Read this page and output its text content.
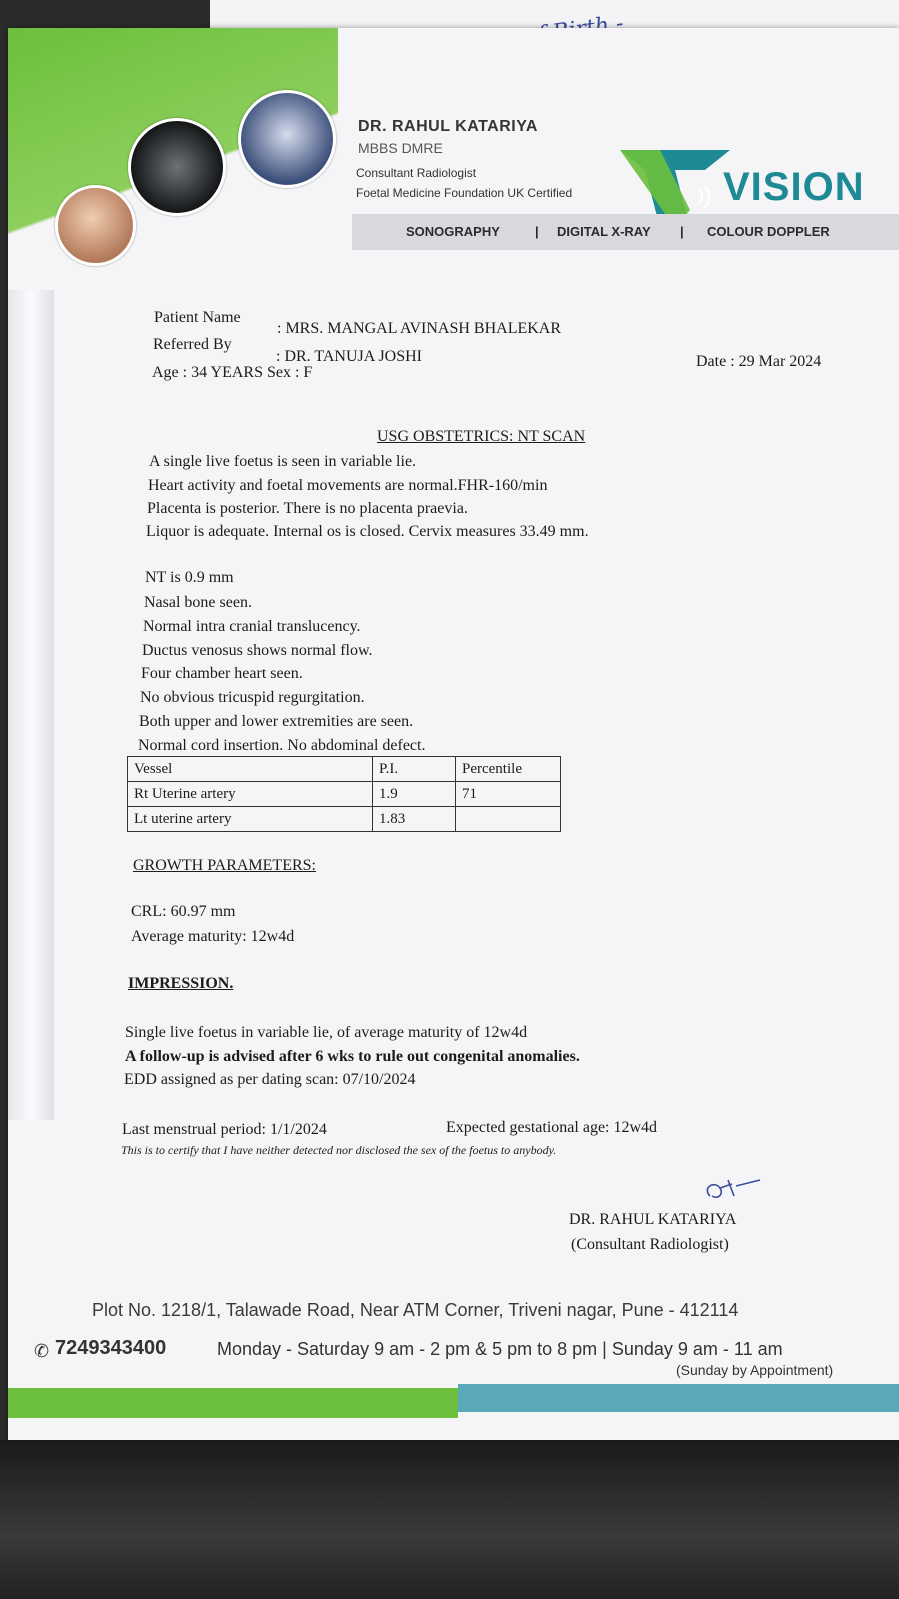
DR. RAHUL KATARIYA
MBBS DMRE
Consultant Radiologist
Foetal Medicine Foundation UK Certified	VISION
SONOGRAPHY	| DIGITAL X-RAY | COLOUR DOPPLER
Patient Name
: MRS. MANGAL AVINASH BHALEKAR
Referred By
: DR. TANUJA JOSHI
Age : 34 YEARS Sex : F
Date : 29 Mar 2024
USG OBSTETRICS: NT SCAN
A single live foetus is seen in variable lie.
Heart activity and foetal movements are normal.FHR-160/min
Placenta is posterior. There is no placenta praevia.
Liquor is adequate. Internal os is closed. Cervix measures 33.49 mm.
NT is 0.9 mm
Nasal bone seen.
Normal intra cranial translucency.
Ductus venosus shows normal flow.
Four chamber heart seen.
No obvious tricuspid regurgitation.
Both upper and lower extremities are seen.
Normal cord insertion. No abdominal defect.
Vessel	P.I.	Percentile
Rt Uterine artery	1.9	71
Lt uterine artery	1.83	
GROWTH PARAMETERS:
CRL: 60.97 mm
Average maturity: 12w4d
IMPRESSION.
Single live foetus in variable lie, of average maturity of 12w4d
A follow-up is advised after 6 wks to rule out congenital anomalies.
EDD assigned as per dating scan: 07/10/2024
Last menstrual period: 1/1/2024	Expected gestational age: 12w4d
This is to certify that I have neither detected nor disclosed the sex of the foetus to anybody.
DR. RAHUL KATARIYA
(Consultant Radiologist)
Plot No. 1218/1, Talawade Road, Near ATM Corner, Triveni nagar, Pune - 412114
✆ 7249343400	Monday - Saturday 9 am - 2 pm & 5 pm to 8 pm | Sunday 9 am - 11 am
(Sunday by Appointment)
